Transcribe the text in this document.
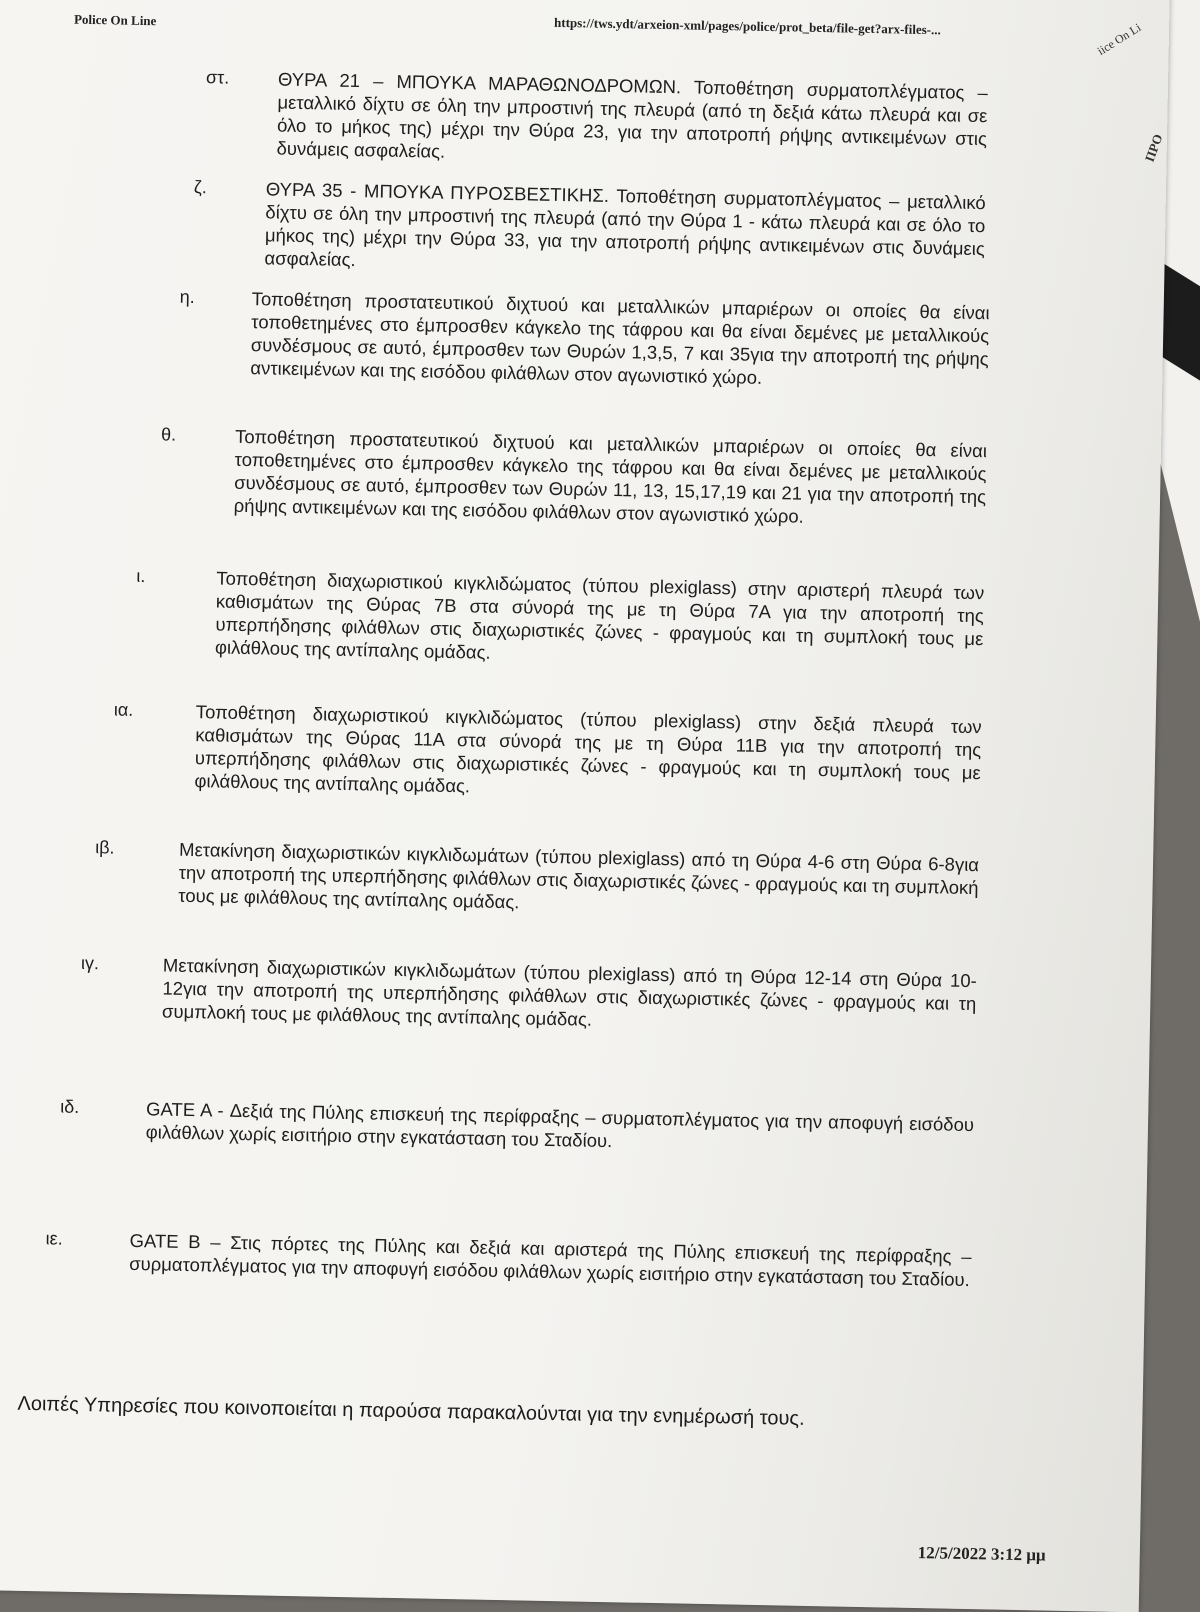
Police On Line	https://tws.ydt/arxeion-xml/pages/police/prot_beta/file-get?arx-files-...
στ.	ΘΥΡΑ 21 – ΜΠΟΥΚΑ ΜΑΡΑΘΩΝΟΔΡΟΜΩΝ. Τοποθέτηση συρματοπλέγματος – μεταλλικό δίχτυ σε όλη την μπροστινή της πλευρά (από τη δεξιά κάτω πλευρά και σε όλο το μήκος της) μέχρι την Θύρα 23, για την αποτροπή ρήψης αντικειμένων στις δυνάμεις ασφαλείας.
ζ.	ΘΥΡΑ 35 - ΜΠΟΥΚΑ ΠΥΡΟΣΒΕΣΤΙΚΗΣ. Τοποθέτηση συρματοπλέγματος – μεταλλικό δίχτυ σε όλη την μπροστινή της πλευρά (από την Θύρα 1 - κάτω πλευρά και σε όλο το μήκος της) μέχρι την Θύρα 33, για την αποτροπή ρήψης αντικειμένων στις δυνάμεις ασφαλείας.
η.	Τοποθέτηση προστατευτικού διχτυού και μεταλλικών μπαριέρων οι οποίες θα είναι τοποθετημένες στο έμπροσθεν κάγκελο της τάφρου και θα είναι δεμένες με μεταλλικούς συνδέσμους σε αυτό, έμπροσθεν των Θυρών 1,3,5, 7 και 35για την αποτροπή της ρήψης αντικειμένων και της εισόδου φιλάθλων στον αγωνιστικό χώρο.
θ.	Τοποθέτηση προστατευτικού διχτυού και μεταλλικών μπαριέρων οι οποίες θα είναι τοποθετημένες στο έμπροσθεν κάγκελο της τάφρου και θα είναι δεμένες με μεταλλικούς συνδέσμους σε αυτό, έμπροσθεν των Θυρών 11, 13, 15,17,19 και 21 για την αποτροπή της ρήψης αντικειμένων και της εισόδου φιλάθλων στον αγωνιστικό χώρο.
ι.	Τοποθέτηση διαχωριστικού κιγκλιδώματος (τύπου plexiglass) στην αριστερή πλευρά των καθισμάτων της Θύρας 7Β στα σύνορά της με τη Θύρα 7Α για την αποτροπή της υπερπήδησης φιλάθλων στις διαχωριστικές ζώνες - φραγμούς και τη συμπλοκή τους με φιλάθλους της αντίπαλης ομάδας.
ια.	Τοποθέτηση διαχωριστικού κιγκλιδώματος (τύπου plexiglass) στην δεξιά πλευρά των καθισμάτων της Θύρας 11Α στα σύνορά της με τη Θύρα 11Β για την αποτροπή της υπερπήδησης φιλάθλων στις διαχωριστικές ζώνες - φραγμούς και τη συμπλοκή τους με φιλάθλους της αντίπαλης ομάδας.
ιβ.	Μετακίνηση διαχωριστικών κιγκλιδωμάτων (τύπου plexiglass) από τη Θύρα 4-6 στη Θύρα 6-8για την αποτροπή της υπερπήδησης φιλάθλων στις διαχωριστικές ζώνες - φραγμούς και τη συμπλοκή τους με φιλάθλους της αντίπαλης ομάδας.
ιγ.	Μετακίνηση διαχωριστικών κιγκλιδωμάτων (τύπου plexiglass) από τη Θύρα 12-14 στη Θύρα 10-12για την αποτροπή της υπερπήδησης φιλάθλων στις διαχωριστικές ζώνες - φραγμούς και τη συμπλοκή τους με φιλάθλους της αντίπαλης ομάδας.
ιδ.	GATE A - Δεξιά της Πύλης επισκευή της περίφραξης – συρματοπλέγματος για την αποφυγή εισόδου φιλάθλων χωρίς εισιτήριο στην εγκατάσταση του Σταδίου.
ιε.	GATE B – Στις πόρτες της Πύλης και δεξιά και αριστερά της Πύλης επισκευή της περίφραξης – συρματοπλέγματος για την αποφυγή εισόδου φιλάθλων χωρίς εισιτήριο στην εγκατάσταση του Σταδίου.
Λοιπές Υπηρεσίες που κοινοποιείται η παρούσα παρακαλούνται για την ενημέρωσή τους.
12/5/2022 3:12 μμ
iice On Li
ΠΡΟ
